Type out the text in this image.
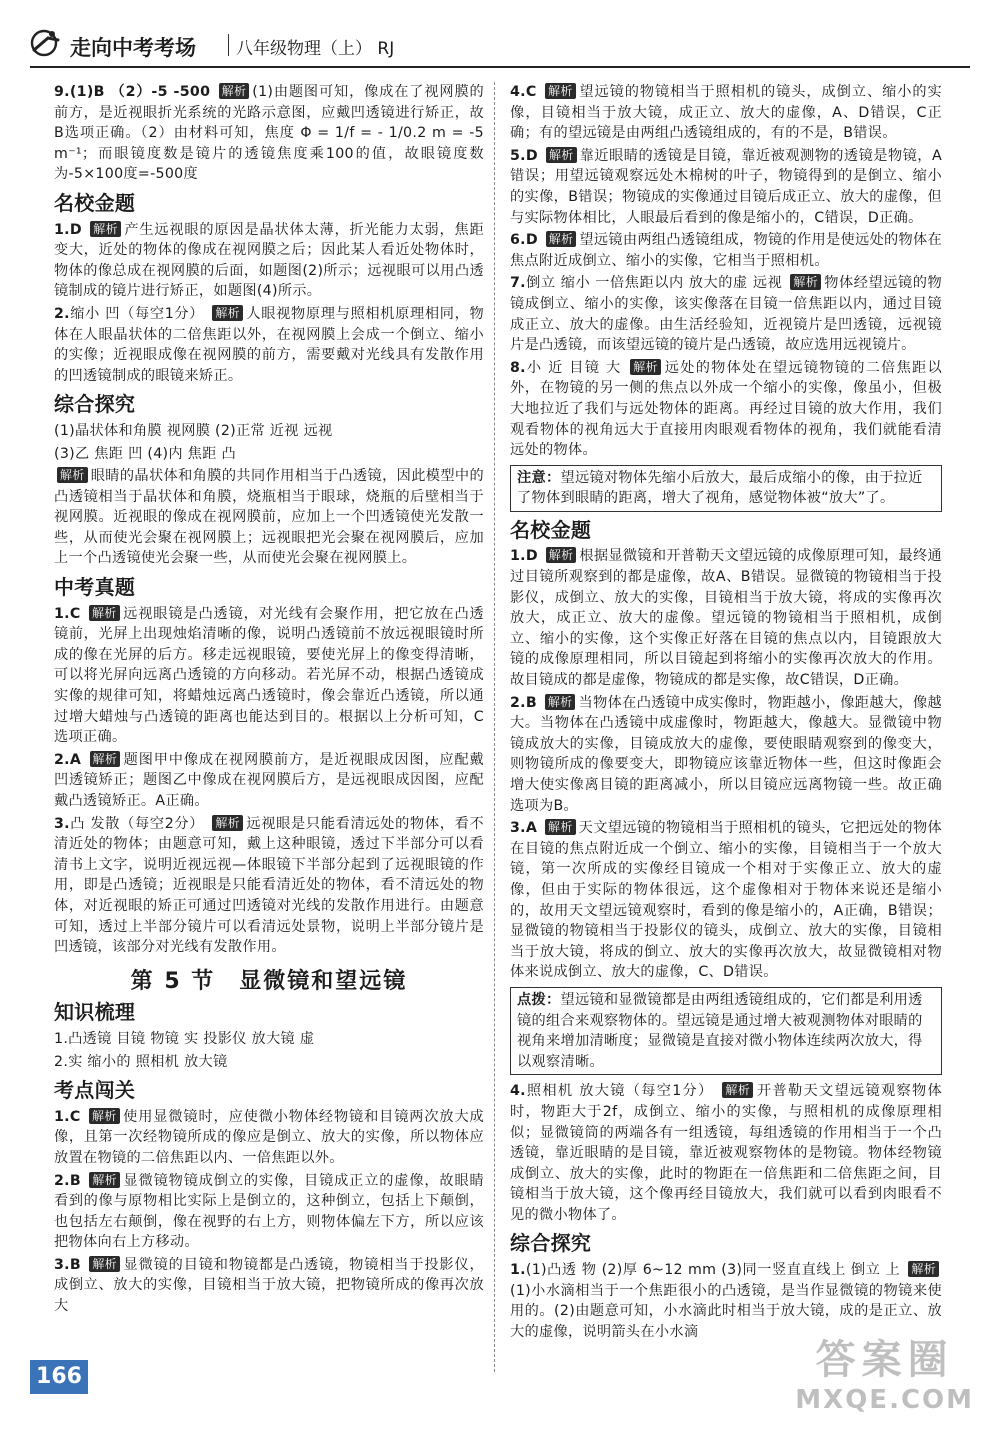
走向中考考场 八年级物理（上） RJ

9.(1)B （2）-5 -500 解析 (1)由题图可知，像成在了视网膜的前方，是近视眼折光系统的光路示意图，应戴凹透镜进行矫正，故B选项正确。（2）由材料可知，焦度 Φ = 1/f = - 1/0.2 m = -5 m⁻¹；而眼镜度数是镜片的透镜焦度乘100的值，故眼镜度数为-5×100度=-500度

名校金题

1.D 解析 产生远视眼的原因是晶状体太薄，折光能力太弱，焦距变大，近处的物体的像成在视网膜之后；因此某人看近处物体时，物体的像总成在视网膜的后面，如题图(2)所示；远视眼可以用凸透镜制成的镜片进行矫正，如题图(4)所示。

2.缩小 凹（每空1分） 解析 人眼视物原理与照相机原理相同，物体在人眼晶状体的二倍焦距以外，在视网膜上会成一个倒立、缩小的实像；近视眼成像在视网膜的前方，需要戴对光线具有发散作用的凹透镜制成的眼镜来矫正。

综合探究

(1)晶状体和角膜 视网膜 (2)正常 近视 远视

(3)乙 焦距 凹 (4)内 焦距 凸

解析 眼睛的晶状体和角膜的共同作用相当于凸透镜，因此模型中的凸透镜相当于晶状体和角膜，烧瓶相当于眼球，烧瓶的后壁相当于视网膜。近视眼的像成在视网膜前，应加上一个凹透镜使光发散一些，从而使光会聚在视网膜上；远视眼把光会聚在视网膜后，应加上一个凸透镜使光会聚一些，从而使光会聚在视网膜上。

中考真题

1.C 解析 远视眼镜是凸透镜，对光线有会聚作用，把它放在凸透镜前，光屏上出现烛焰清晰的像，说明凸透镜前不放远视眼镜时所成的像在光屏的后方。移走远视眼镜，要使光屏上的像变得清晰，可以将光屏向远离凸透镜的方向移动。若光屏不动，根据凸透镜成实像的规律可知，将蜡烛远离凸透镜时，像会靠近凸透镜，所以通过增大蜡烛与凸透镜的距离也能达到目的。根据以上分析可知，C选项正确。

2.A 解析 题图甲中像成在视网膜前方，是近视眼成因图，应配戴凹透镜矫正；题图乙中像成在视网膜后方，是远视眼成因图，应配戴凸透镜矫正。A正确。

3.凸 发散（每空2分） 解析 远视眼是只能看清远处的物体，看不清近处的物体；由题意可知，戴上这种眼镜，透过下半部分可以看清书上文字，说明近视远视—体眼镜下半部分起到了远视眼镜的作用，即是凸透镜；近视眼是只能看清近处的物体，看不清远处的物体，对近视眼的矫正可通过凹透镜对光线的发散作用进行。由题意可知，透过上半部分镜片可以看清远处景物，说明上半部分镜片是凹透镜，该部分对光线有发散作用。

第 5 节　显微镜和望远镜
知识梳理

1.凸透镜 目镜 物镜 实 投影仪 放大镜 虚

2.实 缩小的 照相机 放大镜

考点闯关

1.C 解析 使用显微镜时，应使微小物体经物镜和目镜两次放大成像，且第一次经物镜所成的像应是倒立、放大的实像，所以物体应放置在物镜的二倍焦距以内、一倍焦距以外。

2.B 解析 显微镜物镜成倒立的实像，目镜成正立的虚像，故眼睛看到的像与原物相比实际上是倒立的，这种倒立，包括上下颠倒，也包括左右颠倒，像在视野的右上方，则物体偏左下方，所以应该把物体向右上方移动。

3.B 解析 显微镜的目镜和物镜都是凸透镜，物镜相当于投影仪，成倒立、放大的实像，目镜相当于放大镜，把物镜所成的像再次放大

4.C 解析 望远镜的物镜相当于照相机的镜头，成倒立、缩小的实像，目镜相当于放大镜，成正立、放大的虚像，A、D错误，C正确；有的望远镜是由两组凸透镜组成的，有的不是，B错误。

5.D 解析 靠近眼睛的透镜是目镜，靠近被观测物的透镜是物镜，A错误；用望远镜观察远处木棉树的叶子，物镜得到的是倒立、缩小的实像，B错误；物镜成的实像通过目镜后成正立、放大的虚像，但与实际物体相比，人眼最后看到的像是缩小的，C错误，D正确。

6.D 解析 望远镜由两组凸透镜组成，物镜的作用是使远处的物体在焦点附近成倒立、缩小的实像，它相当于照相机。

7.倒立 缩小 一倍焦距以内 放大的虚 远视 解析 物体经望远镜的物镜成倒立、缩小的实像，该实像落在目镜一倍焦距以内，通过目镜成正立、放大的虚像。由生活经验知，近视镜片是凹透镜，远视镜片是凸透镜，而该望远镜的镜片是凸透镜，故应选用远视镜片。

8.小 近 目镜 大 解析 远处的物体处在望远镜物镜的二倍焦距以外，在物镜的另一侧的焦点以外成一个缩小的实像，像虽小，但极大地拉近了我们与远处物体的距离。再经过目镜的放大作用，我们观看物体的视角远大于直接用肉眼观看物体的视角，我们就能看清远处的物体。

注意：望远镜对物体先缩小后放大，最后成缩小的像，由于拉近了物体到眼睛的距离，增大了视角，感觉物体被“放大”了。
名校金题

1.D 解析 根据显微镜和开普勒天文望远镜的成像原理可知，最终通过目镜所观察到的都是虚像，故A、B错误。显微镜的物镜相当于投影仪，成倒立、放大的实像，目镜相当于放大镜，将成的实像再次放大，成正立、放大的虚像。望远镜的物镜相当于照相机，成倒立、缩小的实像，这个实像正好落在目镜的焦点以内，目镜跟放大镜的成像原理相同，所以目镜起到将缩小的实像再次放大的作用。故目镜成的都是虚像，物镜成的都是实像，故C错误，D正确。

2.B 解析 当物体在凸透镜中成实像时，物距越小，像距越大，像越大。当物体在凸透镜中成虚像时，物距越大，像越大。显微镜中物镜成放大的实像，目镜成放大的虚像，要使眼睛观察到的像变大，则物镜所成的像要变大，即物镜应该靠近物体一些，但这时像距会增大使实像离目镜的距离减小，所以目镜应远离物镜一些。故正确选项为B。

3.A 解析 天文望远镜的物镜相当于照相机的镜头，它把远处的物体在目镜的焦点附近成一个倒立、缩小的实像，目镜相当于一个放大镜，第一次所成的实像经目镜成一个相对于实像正立、放大的虚像，但由于实际的物体很远，这个虚像相对于物体来说还是缩小的，故用天文望远镜观察时，看到的像是缩小的，A正确，B错误；显微镜的物镜相当于投影仪的镜头，成倒立、放大的实像，目镜相当于放大镜，将成的倒立、放大的实像再次放大，故显微镜相对物体来说成倒立、放大的虚像，C、D错误。

点拨：望远镜和显微镜都是由两组透镜组成的，它们都是利用透镜的组合来观察物体的。望远镜是通过增大被观测物体对眼睛的视角来增加清晰度；显微镜是直接对微小物体连续两次放大，得以观察清晰。

4.照相机 放大镜（每空1分） 解析 开普勒天文望远镜观察物体时，物距大于2f，成倒立、缩小的实像，与照相机的成像原理相似；显微镜筒的两端各有一组透镜，每组透镜的作用相当于一个凸透镜，靠近眼睛的是目镜，靠近被观察物体的是物镜。物体经物镜成倒立、放大的实像，此时的物距在一倍焦距和二倍焦距之间，目镜相当于放大镜，这个像再经目镜放大，我们就可以看到肉眼看不见的微小物体了。

综合探究

1.(1)凸透 物 (2)厚 6~12 mm (3)同一竖直直线上 倒立 上 解析(1)小水滴相当于一个焦距很小的凸透镜，是当作显微镜的物镜来使用的。(2)由题意可知，小水滴此时相当于放大镜，成的是正立、放大的虚像，说明箭头在小水滴

166	答案圈
MXQE.COM
